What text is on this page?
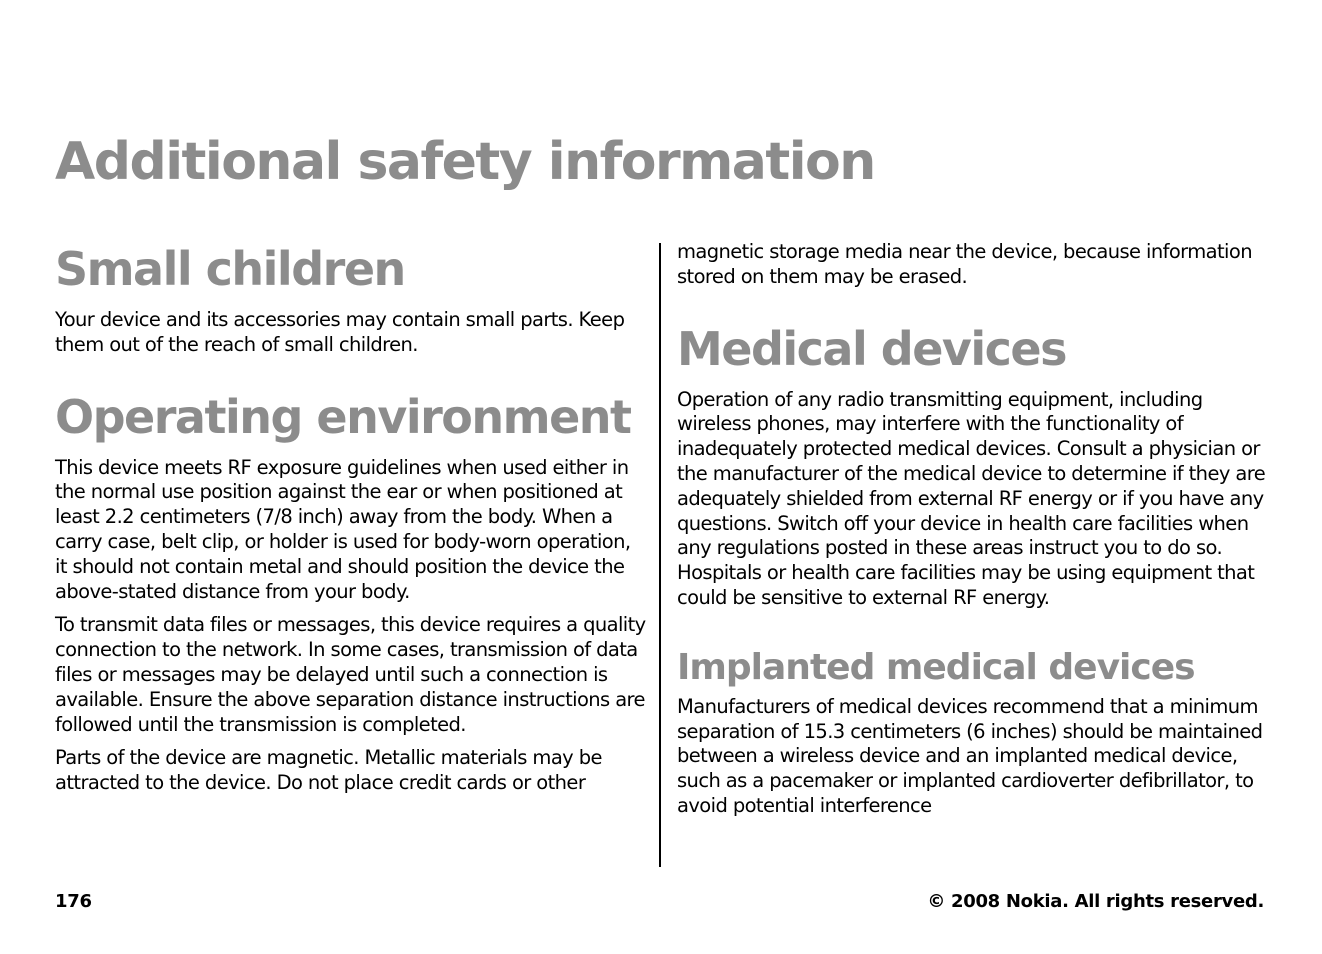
Additional safety information
Small children

Your device and its accessories may contain small parts. Keep them out of the reach of small children.

Operating environment

This device meets RF exposure guidelines when used either in the normal use position against the ear or when positioned at least 2.2 centimeters (7/8 inch) away from the body. When a carry case, belt clip, or holder is used for body-worn operation, it should not contain metal and should position the device the above-stated distance from your body.

To transmit data files or messages, this device requires a quality connection to the network. In some cases, transmission of data files or messages may be delayed until such a connection is available. Ensure the above separation distance instructions are followed until the transmission is completed.

Parts of the device are magnetic. Metallic materials may be attracted to the device. Do not place credit cards or other

magnetic storage media near the device, because information stored on them may be erased.

Medical devices

Operation of any radio transmitting equipment, including wireless phones, may interfere with the functionality of inadequately protected medical devices. Consult a physician or the manufacturer of the medical device to determine if they are adequately shielded from external RF energy or if you have any questions. Switch off your device in health care facilities when any regulations posted in these areas instruct you to do so. Hospitals or health care facilities may be using equipment that could be sensitive to external RF energy.

Implanted medical devices

Manufacturers of medical devices recommend that a minimum separation of 15.3 centimeters (6 inches) should be maintained between a wireless device and an implanted medical device, such as a pacemaker or implanted cardioverter defibrillator, to avoid potential interference

176	© 2008 Nokia. All rights reserved.
